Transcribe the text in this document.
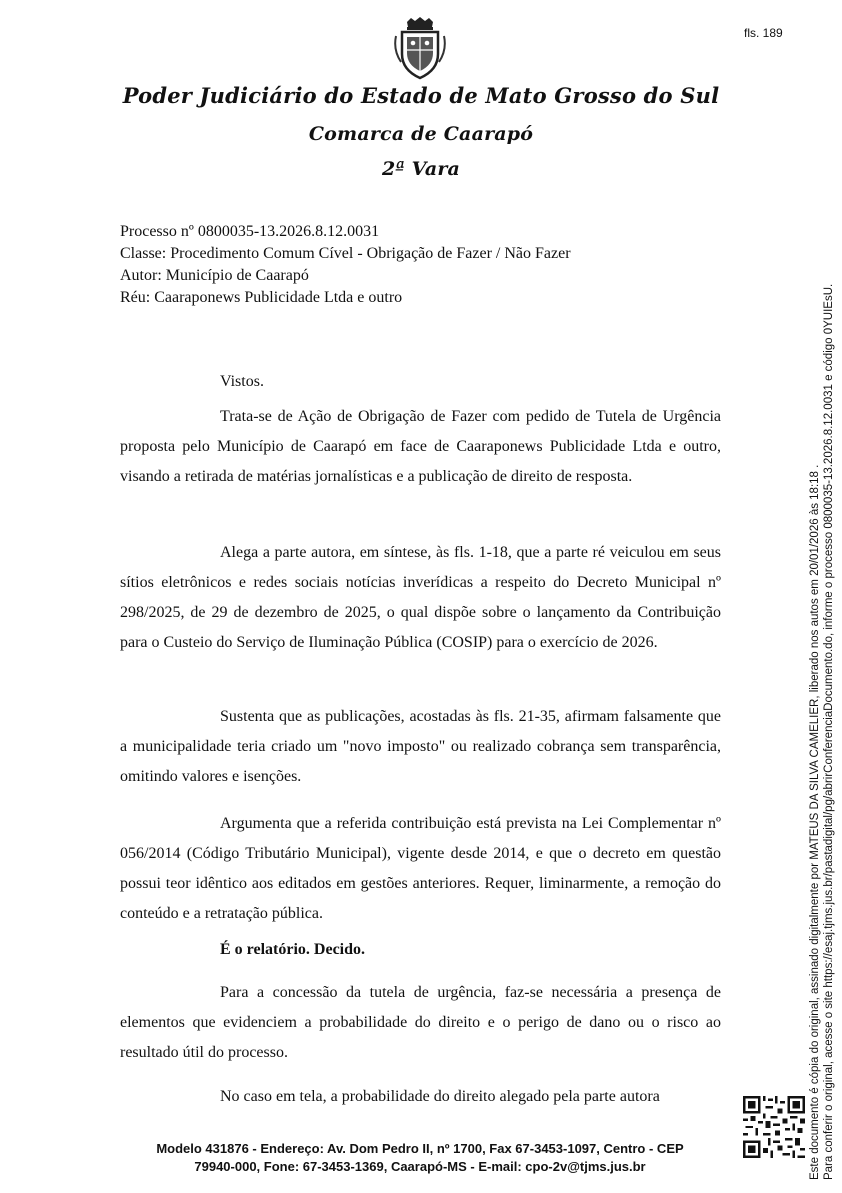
fls. 189
Poder Judiciário do Estado de Mato Grosso do Sul
Comarca de Caarapó
2ª Vara
Processo nº 0800035-13.2026.8.12.0031
Classe: Procedimento Comum Cível - Obrigação de Fazer / Não Fazer
Autor: Município de Caarapó
Réu: Caaraponews Publicidade Ltda e outro
Vistos.
Trata-se de Ação de Obrigação de Fazer com pedido de Tutela de Urgência proposta pelo Município de Caarapó em face de Caaraponews Publicidade Ltda e outro, visando a retirada de matérias jornalísticas e a publicação de direito de resposta.
Alega a parte autora, em síntese, às fls. 1-18, que a parte ré veiculou em seus sítios eletrônicos e redes sociais notícias inverídicas a respeito do Decreto Municipal nº 298/2025, de 29 de dezembro de 2025, o qual dispõe sobre o lançamento da Contribuição para o Custeio do Serviço de Iluminação Pública (COSIP) para o exercício de 2026.
Sustenta que as publicações, acostadas às fls. 21-35, afirmam falsamente que a municipalidade teria criado um "novo imposto" ou realizado cobrança sem transparência, omitindo valores e isenções.
Argumenta que a referida contribuição está prevista na Lei Complementar nº 056/2014 (Código Tributário Municipal), vigente desde 2014, e que o decreto em questão possui teor idêntico aos editados em gestões anteriores. Requer, liminarmente, a remoção do conteúdo e a retratação pública.
É o relatório. Decido.
Para a concessão da tutela de urgência, faz-se necessária a presença de elementos que evidenciem a probabilidade do direito e o perigo de dano ou o risco ao resultado útil do processo.
No caso em tela, a probabilidade do direito alegado pela parte autora
Modelo 431876 - Endereço: Av. Dom Pedro II, nº 1700, Fax 67-3453-1097, Centro - CEP
79940-000, Fone: 67-3453-1369, Caarapó-MS - E-mail: cpo-2v@tjms.jus.br	Este documento é cópia do original, assinado digitalmente por MATEUS DA SILVA CAMELIER, liberado nos autos em 20/01/2026 às 18:18 . Para conferir o original, acesse o site https://esaj.tjms.jus.br/pastadigital/pg/abrirConferenciaDocumento.do, informe o processo 0800035-13.2026.8.12.0031 e código 0YUIEsU.
